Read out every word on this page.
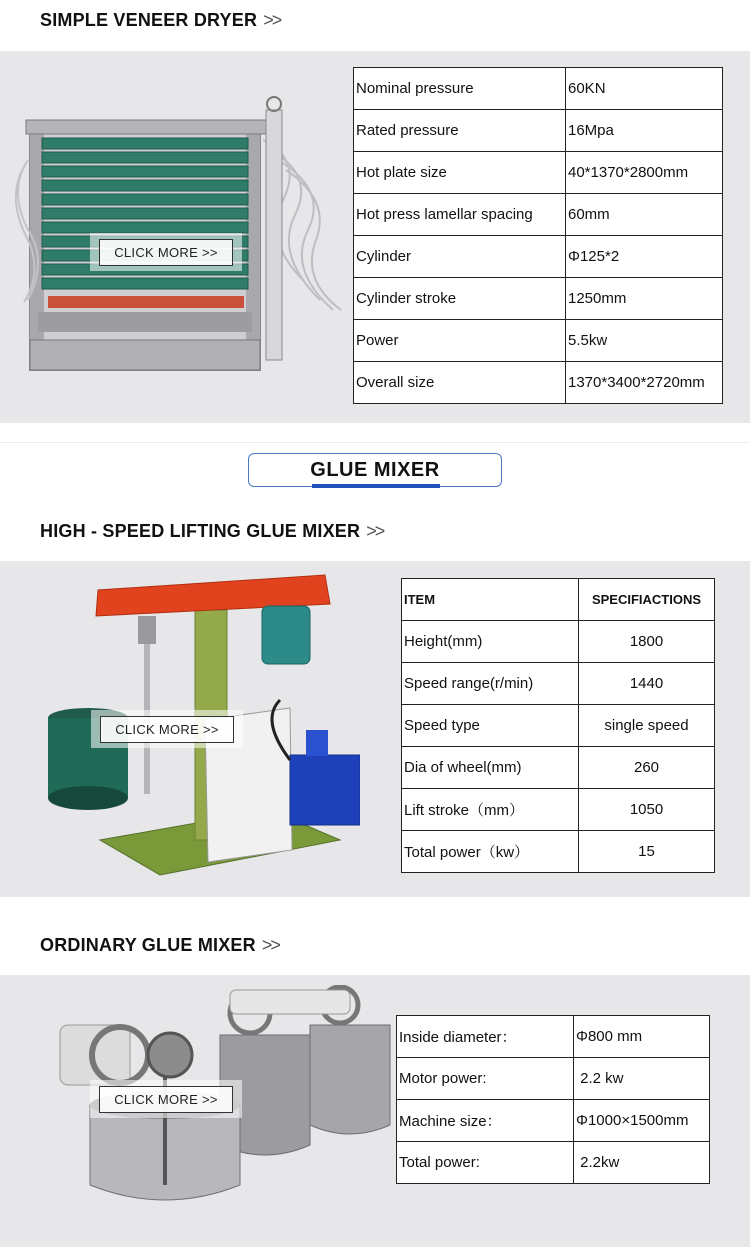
SIMPLE VENEER DRYER >>
CLICK MORE >>
Nominal pressure	60KN
Rated pressure	16Mpa
Hot plate size	40*1370*2800mm
Hot press lamellar spacing	60mm
Cylinder	Φ125*2
Cylinder stroke	1250mm
Power	5.5kw
Overall size	1370*3400*2720mm
GLUE MIXER
HIGH - SPEED LIFTING GLUE MIXER >>
CLICK MORE >>
ITEM	SPECIFIACTIONS
Height(mm)	1800
Speed range(r/min)	1440
Speed type	single speed
Dia of wheel(mm)	260
Lift stroke（mm）	1050
Total power（kw）	15
ORDINARY GLUE MIXER >>
CLICK MORE >>
Inside diameter：	Φ800 mm
Motor power:	2.2 kw
Machine size：	Φ1000×1500mm
Total power:	2.2kw
